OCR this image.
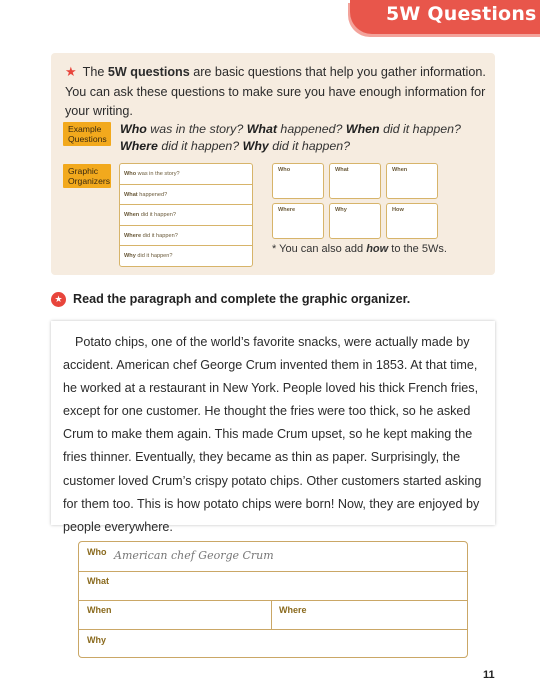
5W Questions
★ The 5W questions are basic questions that help you gather information. You can ask these questions to make sure you have enough information for your writing.
Example Questions
Who was in the story? What happened? When did it happen?
Where did it happen? Why did it happen?
Graphic Organizers
Who was in the story?
What happened?
When did it happen?
Where did it happen?
Why did it happen?
Who	What	When
Where	Why	How
* You can also add how to the 5Ws.
★ Read the paragraph and complete the graphic organizer.

Potato chips, one of the world’s favorite snacks, were actually made by accident. American chef George Crum invented them in 1853. At that time, he worked at a restaurant in New York. People loved his thick French fries, except for one customer. He thought the fries were too thick, so he asked Crum to make them again. This made Crum upset, so he kept making the fries thinner. Eventually, they became as thin as paper. Surprisingly, the customer loved Crum’s crispy potato chips. Other customers started asking for them too. This is how potato chips were born! Now, they are enjoyed by people everywhere.

Who American chef George Crum
What
When	Where
Why
11
